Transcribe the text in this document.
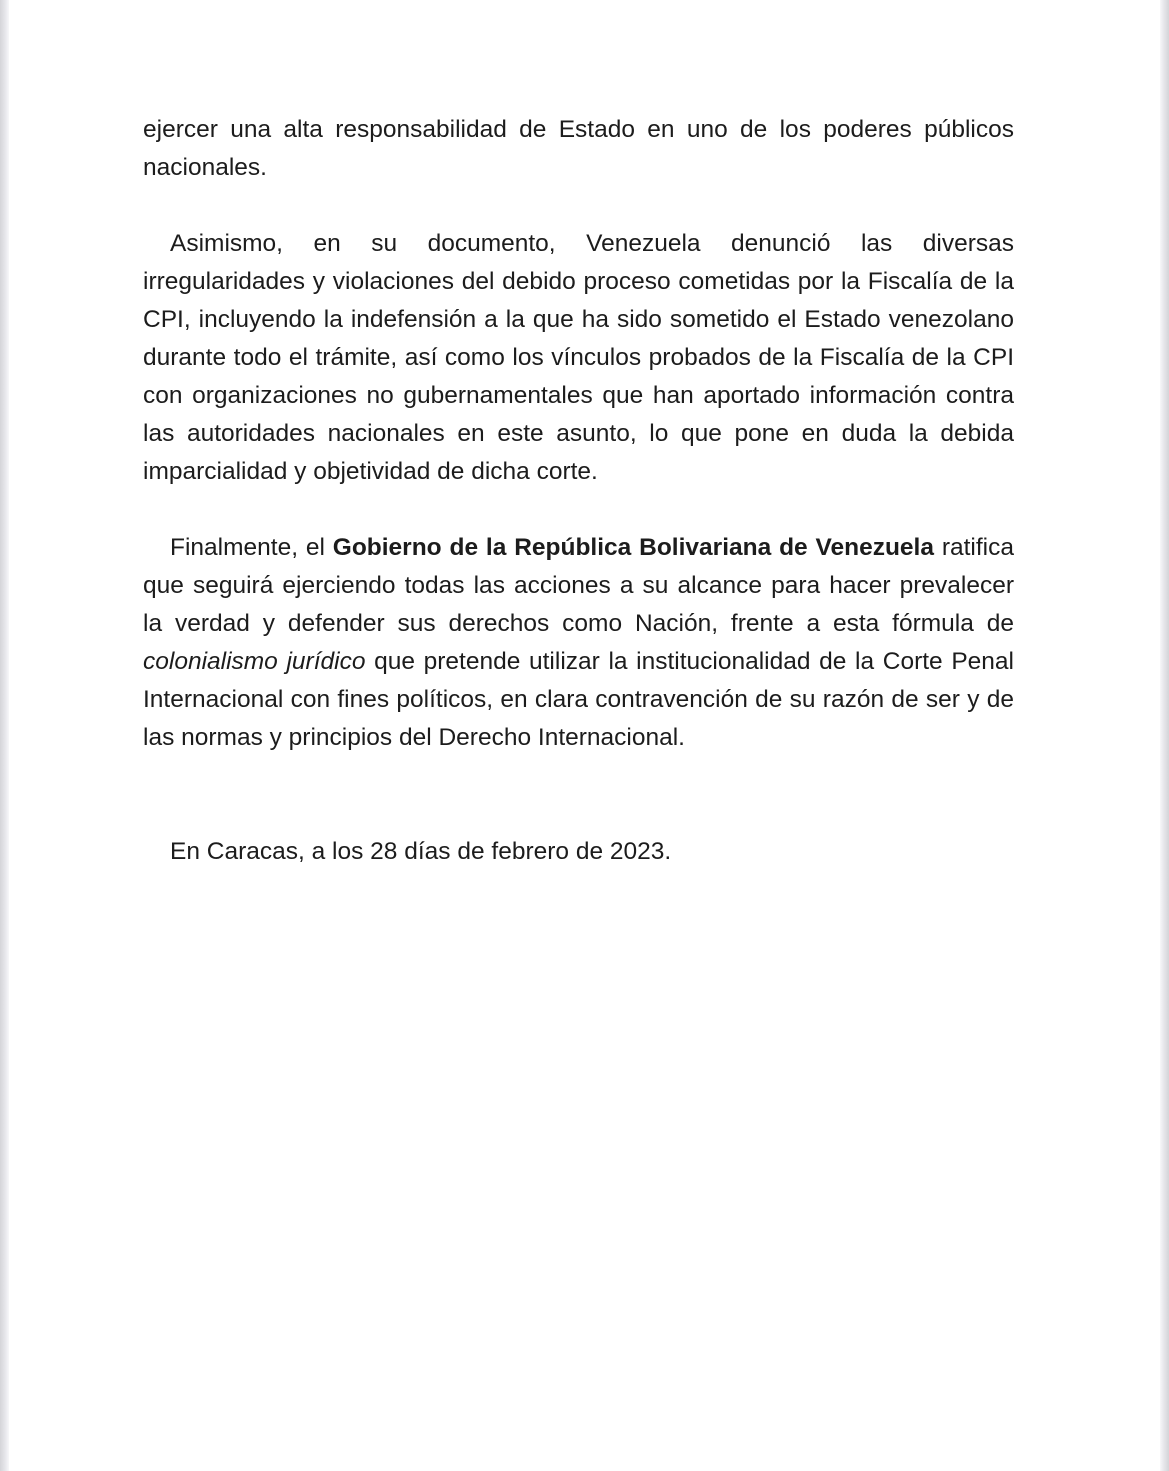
ejercer una alta responsabilidad de Estado en uno de los poderes públicos nacionales.

Asimismo, en su documento, Venezuela denunció las diversas irregularidades y violaciones del debido proceso cometidas por la Fiscalía de la CPI, incluyendo la indefensión a la que ha sido sometido el Estado venezolano durante todo el trámite, así como los vínculos probados de la Fiscalía de la CPI con organizaciones no gubernamentales que han aportado información contra las autoridades nacionales en este asunto, lo que pone en duda la debida imparcialidad y objetividad de dicha corte.

Finalmente, el Gobierno de la República Bolivariana de Venezuela ratifica que seguirá ejerciendo todas las acciones a su alcance para hacer prevalecer la verdad y defender sus derechos como Nación, frente a esta fórmula de colonialismo jurídico que pretende utilizar la institucionalidad de la Corte Penal Internacional con fines políticos, en clara contravención de su razón de ser y de las normas y principios del Derecho Internacional.

En Caracas, a los 28 días de febrero de 2023.
